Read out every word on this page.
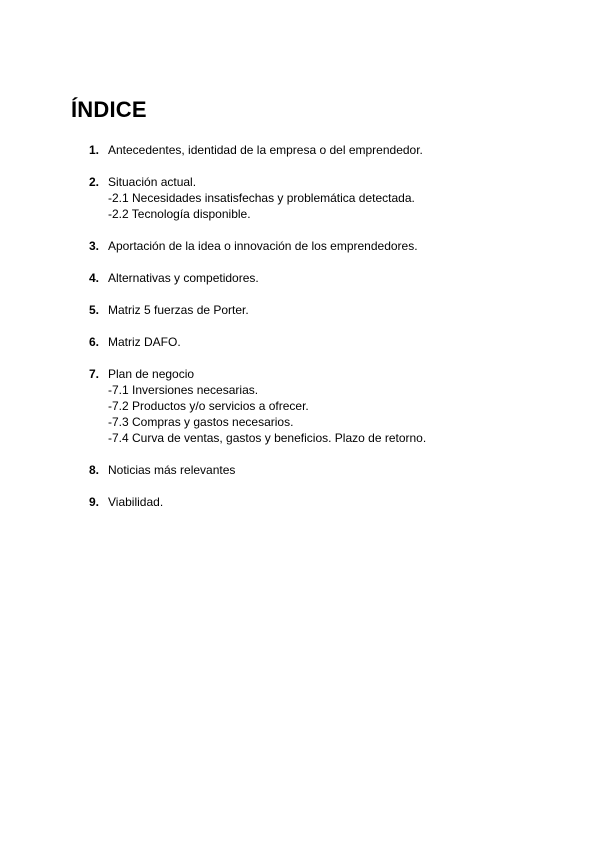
ÍNDICE
1. Antecedentes, identidad de la empresa o del emprendedor.
2. Situación actual.
-2.1 Necesidades insatisfechas y problemática detectada.
-2.2 Tecnología disponible.
3. Aportación de la idea o innovación de los emprendedores.
4. Alternativas y competidores.
5. Matriz 5 fuerzas de Porter.
6. Matriz DAFO.
7. Plan de negocio
-7.1 Inversiones necesarias.
-7.2 Productos y/o servicios a ofrecer.
-7.3 Compras y gastos necesarios.
-7.4 Curva de ventas, gastos y beneficios. Plazo de retorno.
8. Noticias más relevantes
9. Viabilidad.
